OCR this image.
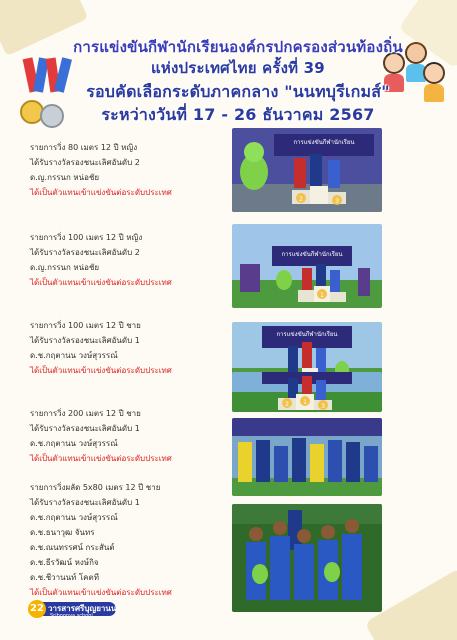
การแข่งขันกีฬานักเรียนองค์กรปกครองส่วนท้องถิ่น
แห่งประเทศไทย ครั้งที่ 39
รอบคัดเลือกระดับภาคกลาง "นนทบุรีเกมส์"
ระหว่างวันที่ 17 - 26 ธันวาคม 2567
รายการวิ่ง 80 เมตร 12 ปี หญิง
ได้รับรางวัลรองชนะเลิศอันดับ 2
ด.ญ.กรรนก หน่อชัย
ได้เป็นตัวแทนเข้าแข่งขันต่อระดับประเทศ
รายการวิ่ง 100 เมตร 12 ปี หญิง
ได้รับรางวัลรองชนะเลิศอันดับ 2
ด.ญ.กรรนก หน่อชัย
ได้เป็นตัวแทนเข้าแข่งขันต่อระดับประเทศ
รายการวิ่ง 100 เมตร 12 ปี ชาย
ได้รับรางวัลรองชนะเลิศอันดับ 1
ด.ช.กฤตานน วงษ์สุวรรณ์
ได้เป็นตัวแทนเข้าแข่งขันต่อระดับประเทศ
รายการวิ่ง 200 เมตร 12 ปี ชาย
ได้รับรางวัลรองชนะเลิศอันดับ 1
ด.ช.กฤตานน วงษ์สุวรรณ์
ได้เป็นตัวแทนเข้าแข่งขันต่อระดับประเทศ
รายการวิ่งผลัด 5x80 เมตร 12 ปี ชาย
ได้รับรางวัลรองชนะเลิศอันดับ 1
ด.ช.กฤตานน วงษ์สุวรรณ์
ด.ช.ธนาวุฒ จันทร
ด.ช.ณนทรรศน์ กระสันต์
ด.ช.ธีรวัฒน์ หงษ์กิจ
ด.ช.ชีวานนท์ โคตที
ได้เป็นตัวแทนเข้าแข่งขันต่อระดับประเทศ
การแข่งขันกีฬานักเรียน
2	3
การแข่งขันกีฬานักเรียน
1
การแข่งขันกีฬานักเรียน
2 1
3
22 วารสารศรีบุญยานนท์
Sriboonya school
